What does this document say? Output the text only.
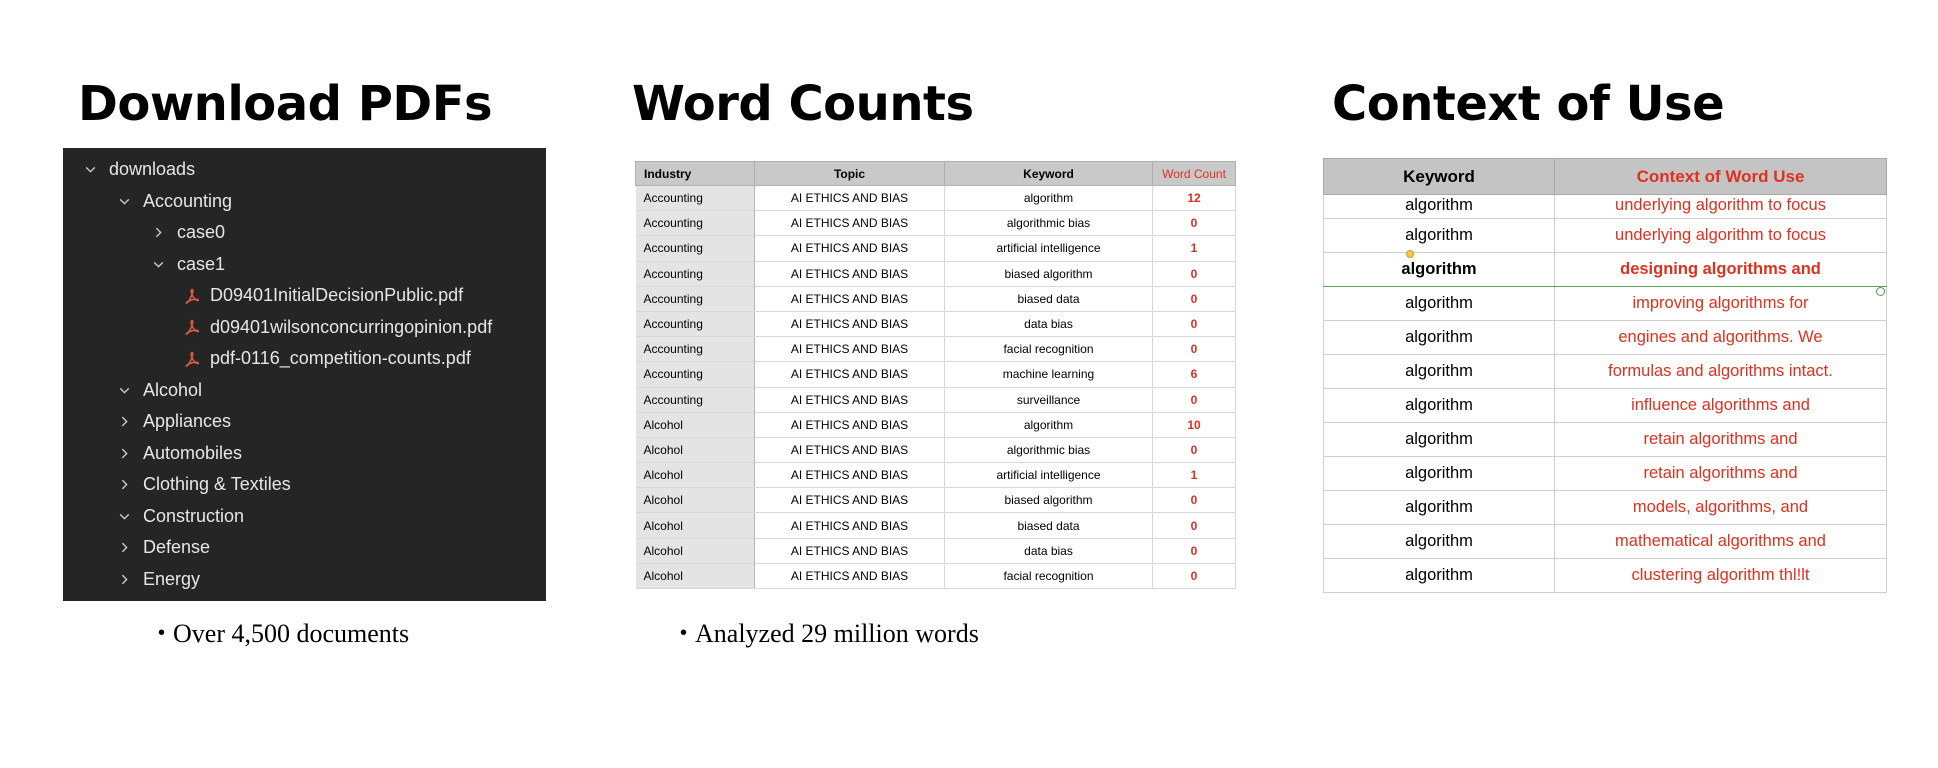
Download PDFs	Word Counts	Context of Use
downloads
Accounting
case0
case1
D09401InitialDecisionPublic.pdf
d09401wilsonconcurringopinion.pdf
pdf-0116_competition-counts.pdf
Alcohol
Appliances
Automobiles
Clothing & Textiles
Construction
Defense
Energy
Industry	Topic	Keyword	Word Count
Accounting	AI ETHICS AND BIAS	algorithm	12
Accounting	AI ETHICS AND BIAS	algorithmic bias	0
Accounting	AI ETHICS AND BIAS	artificial intelligence	1
Accounting	AI ETHICS AND BIAS	biased algorithm	0
Accounting	AI ETHICS AND BIAS	biased data	0
Accounting	AI ETHICS AND BIAS	data bias	0
Accounting	AI ETHICS AND BIAS	facial recognition	0
Accounting	AI ETHICS AND BIAS	machine learning	6
Accounting	AI ETHICS AND BIAS	surveillance	0
Alcohol	AI ETHICS AND BIAS	algorithm	10
Alcohol	AI ETHICS AND BIAS	algorithmic bias	0
Alcohol	AI ETHICS AND BIAS	artificial intelligence	1
Alcohol	AI ETHICS AND BIAS	biased algorithm	0
Alcohol	AI ETHICS AND BIAS	biased data	0
Alcohol	AI ETHICS AND BIAS	data bias	0
Alcohol	AI ETHICS AND BIAS	facial recognition	0
Keyword	Context of Word Use
algorithm	underlying algorithm to focus
algorithm	underlying algorithm to focus
algorithm	designing algorithms and
algorithm	improving algorithms for
algorithm	engines and algorithms. We
algorithm	formulas and algorithms intact.
algorithm	influence algorithms and
algorithm	retain algorithms and
algorithm	retain algorithms and
algorithm	models, algorithms, and
algorithm	mathematical algorithms and
algorithm	clustering algorithm thl!lt
• Over 4,500 documents	• Analyzed 29 million words
